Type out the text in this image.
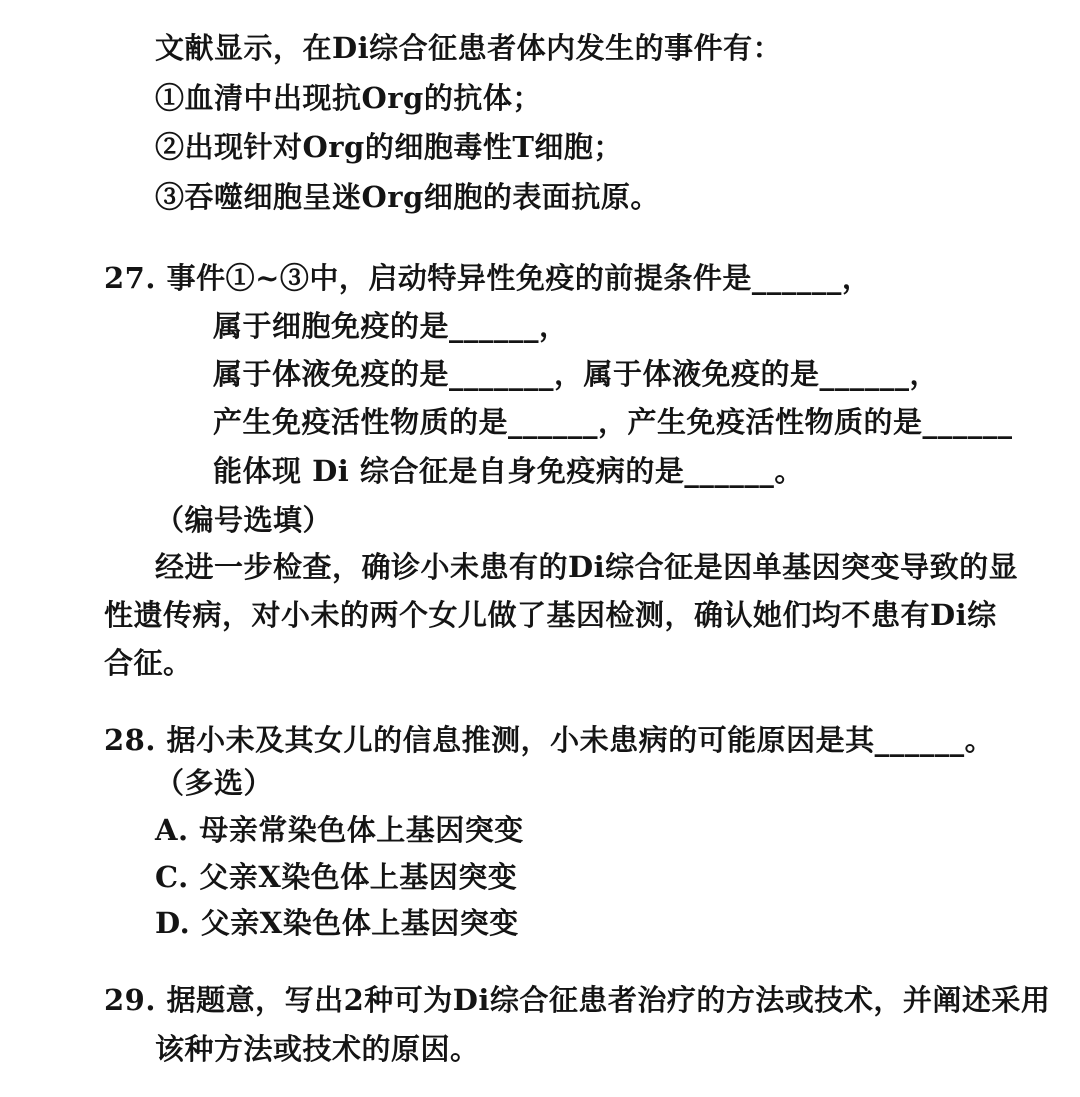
文献显示，在Di综合征患者体内发生的事件有：
①血清中出现抗Org的抗体；
②出现针对Org的细胞毒性T细胞；
③吞噬细胞呈迷Org细胞的表面抗原。
27. 事件①~③中，启动特异性免疫的前提条件是______，
属于细胞免疫的是______，
属于体液免疫的是_______，属于体液免疫的是______，
产生免疫活性物质的是______，产生免疫活性物质的是______
能体现 Di 综合征是自身免疫病的是______。
（编号选填）
经进一步检查，确诊小未患有的Di综合征是因单基因突变导致的显
性遗传病，对小未的两个女儿做了基因检测，确认她们均不患有Di综
合征。
28. 据小未及其女儿的信息推测，小未患病的可能原因是其______。
（多选）
A. 母亲常染色体上基因突变
C. 父亲X染色体上基因突变
D. 父亲X染色体上基因突变
29. 据题意，写出2种可为Di综合征患者治疗的方法或技术，并阐述采用
该种方法或技术的原因。
